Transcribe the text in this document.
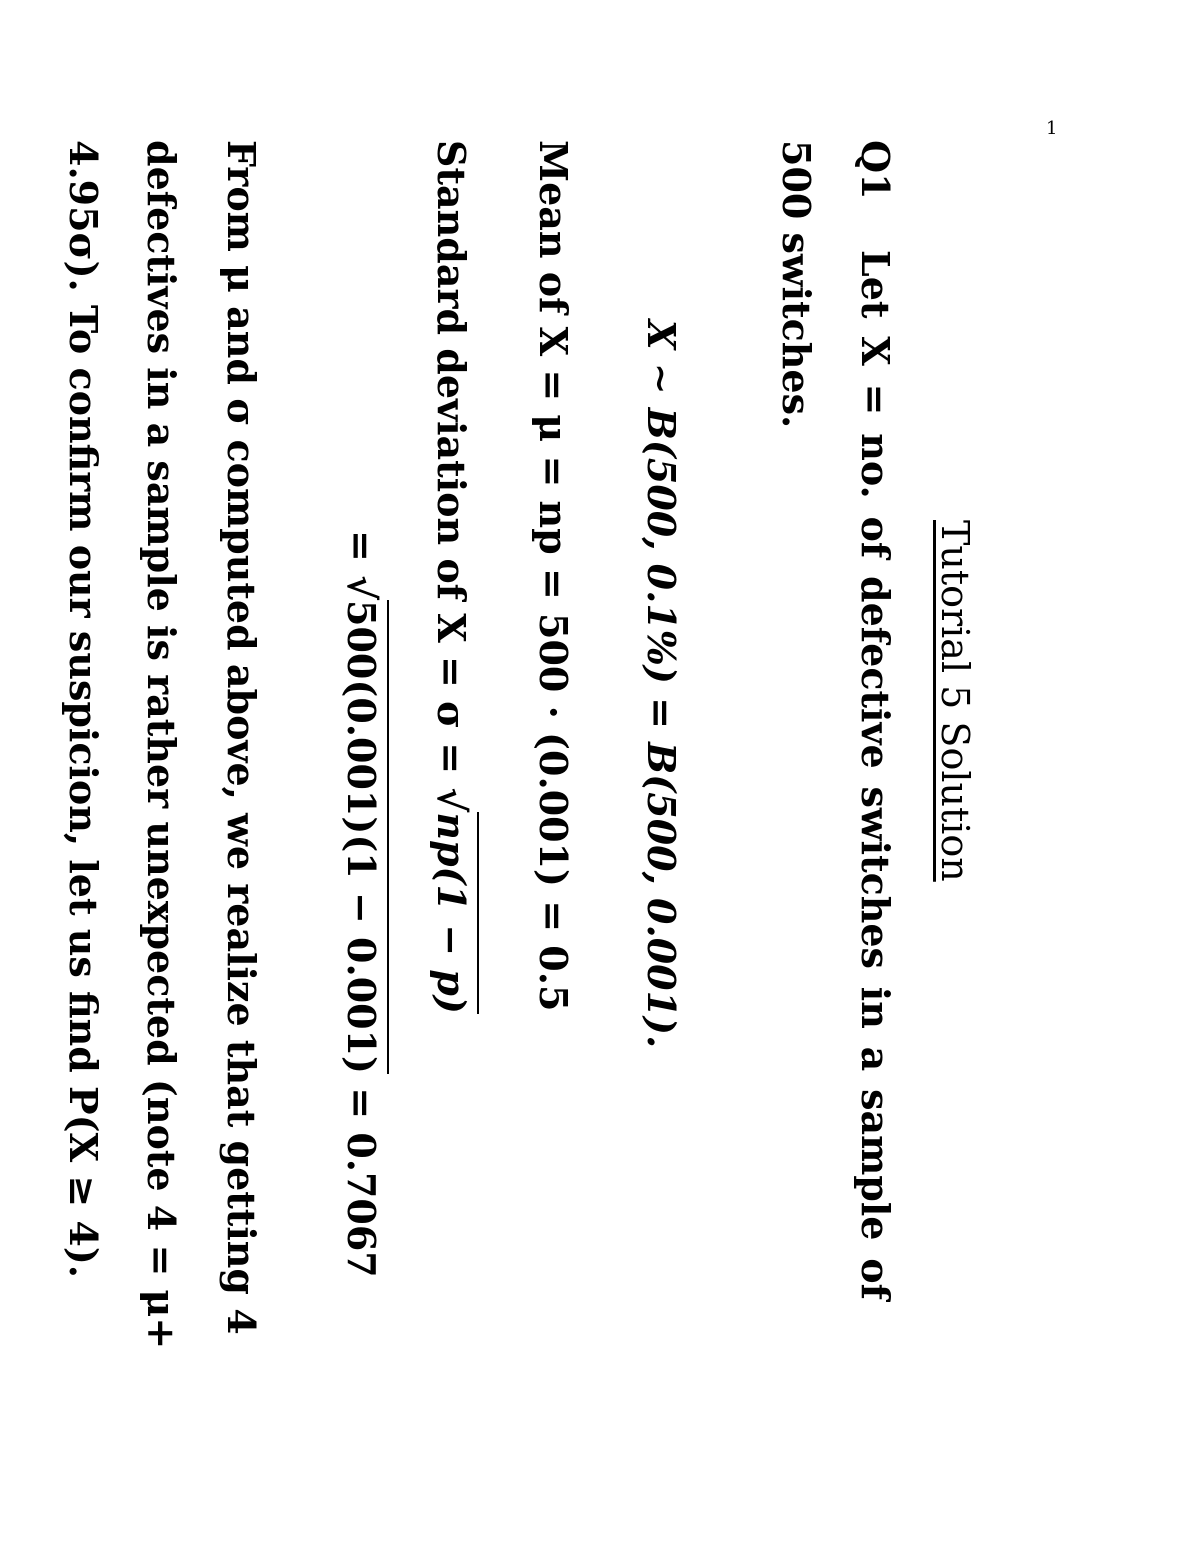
1
Tutorial 5 Solution
Q1
Let X = no. of defective switches in a sample of
500 switches.
X ∼ B(500, 0.1%) = B(500, 0.001).
Mean of X = μ = np = 500 · (0.001) = 0.5
Standard deviation of X = σ = √np(1 − p)
= √500(0.001)(1 − 0.001) = 0.7067
From μ and σ computed above, we realize that getting 4
defectives in a sample is rather unexpected (note 4 = μ+
4.95σ). To confirm our suspicion, let us find P(X ≥ 4).
